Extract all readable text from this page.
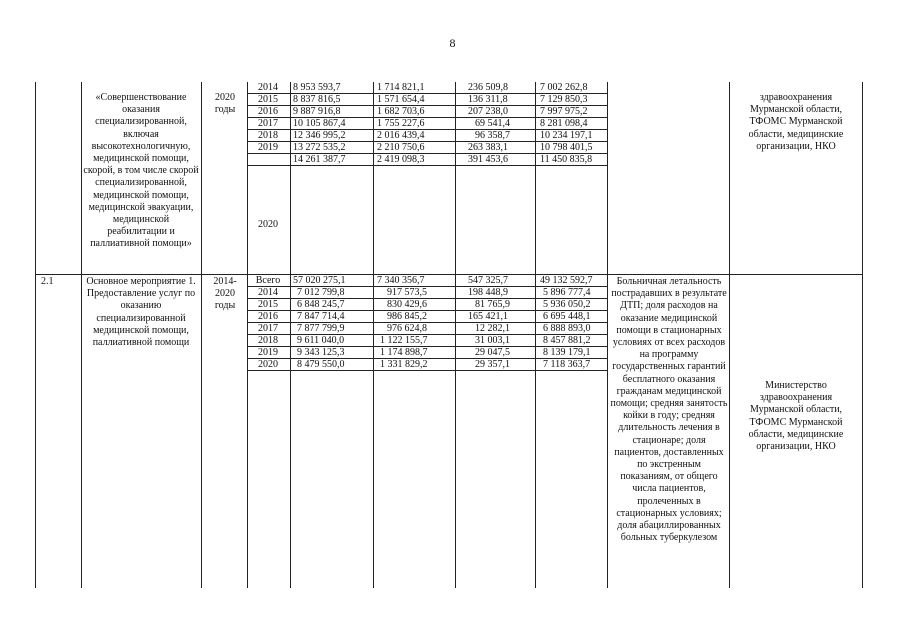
8
«Совершенствование оказания специализированной, включая высокотехнологичную, медицинской помощи, скорой, в том числе скорой специализированной, медицинской помощи, медицинской эвакуации, медицинской реабилитации и паллиативной помощи»
2020 годы
здравоохранения Мурманской области, ТФОМС Мурманской области, медицинские организации, НКО
2014
2015
2016
2017
2018
2019
2020
8 953 593,7
8 837 816,5
9 887 916,8
10 105 867,4
12 346 995,2
13 272 535,2
14 261 387,7
1 714 821,1
1 571 654,4
1 682 703,6
1 755 227,6
2 016 439,4
2 210 750,6
2 419 098,3
236 509,8
136 311,8
207 238,0
69 541,4
96 358,7
263 383,1
391 453,6
7 002 262,8
7 129 850,3
7 997 975,2
8 281 098,4
10 234 197,1
10 798 401,5
11 450 835,8
2.1	Основное мероприятие 1. Предоставление услуг по оказанию специализированной медицинской помощи, паллиативной помощи
2014-2020 годы
Больничная летальность пострадавших в результате ДТП; доля расходов на оказание медицинской помощи в стационарных условиях от всех расходов на программу государственных гарантий бесплатного оказания гражданам медицинской помощи; средняя занятость койки в году; средняя длительность лечения в стационаре; доля пациентов, доставленных по экстренным показаниям, от общего числа пациентов, пролеченных в стационарных условиях; доля абациллированных больных туберкулезом
Министерство здравоохранения Мурманской области, ТФОМС Мурманской области, медицинские организации, НКО
Всего
2014
2015
2016
2017
2018
2019
2020
57 020 275,1
7 012 799,8
6 848 245,7
7 847 714,4
7 877 799,9
9 611 040,0
9 343 125,3
8 479 550,0
7 340 356,7
917 573,5
830 429,6
986 845,2
976 624,8
1 122 155,7
1 174 898,7
1 331 829,2
547 325,7
198 448,9
81 765,9
165 421,1
12 282,1
31 003,1
29 047,5
29 357,1
49 132 592,7
5 896 777,4
5 936 050,2
6 695 448,1
6 888 893,0
8 457 881,2
8 139 179,1
7 118 363,7
